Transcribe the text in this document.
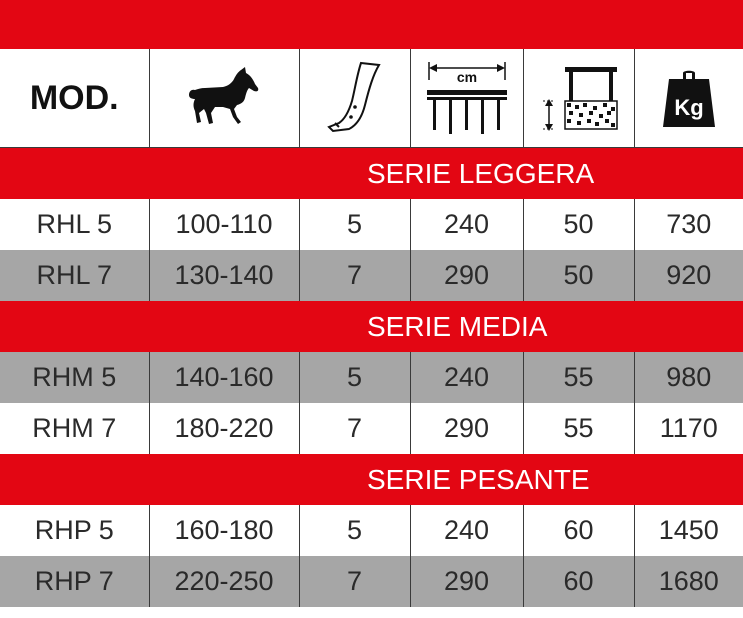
MOD.			cm		Kg

SERIE LEGGERA					

RHL 5	100-110	5	240	50	730
RHL 7	130-140	7	290	50	920

SERIE MEDIA					

RHM 5	140-160	5	240	55	980
RHM 7	180-220	7	290	55	1170

SERIE PESANTE					

RHP 5	160-180	5	240	60	1450
RHP 7	220-250	7	290	60	1680
